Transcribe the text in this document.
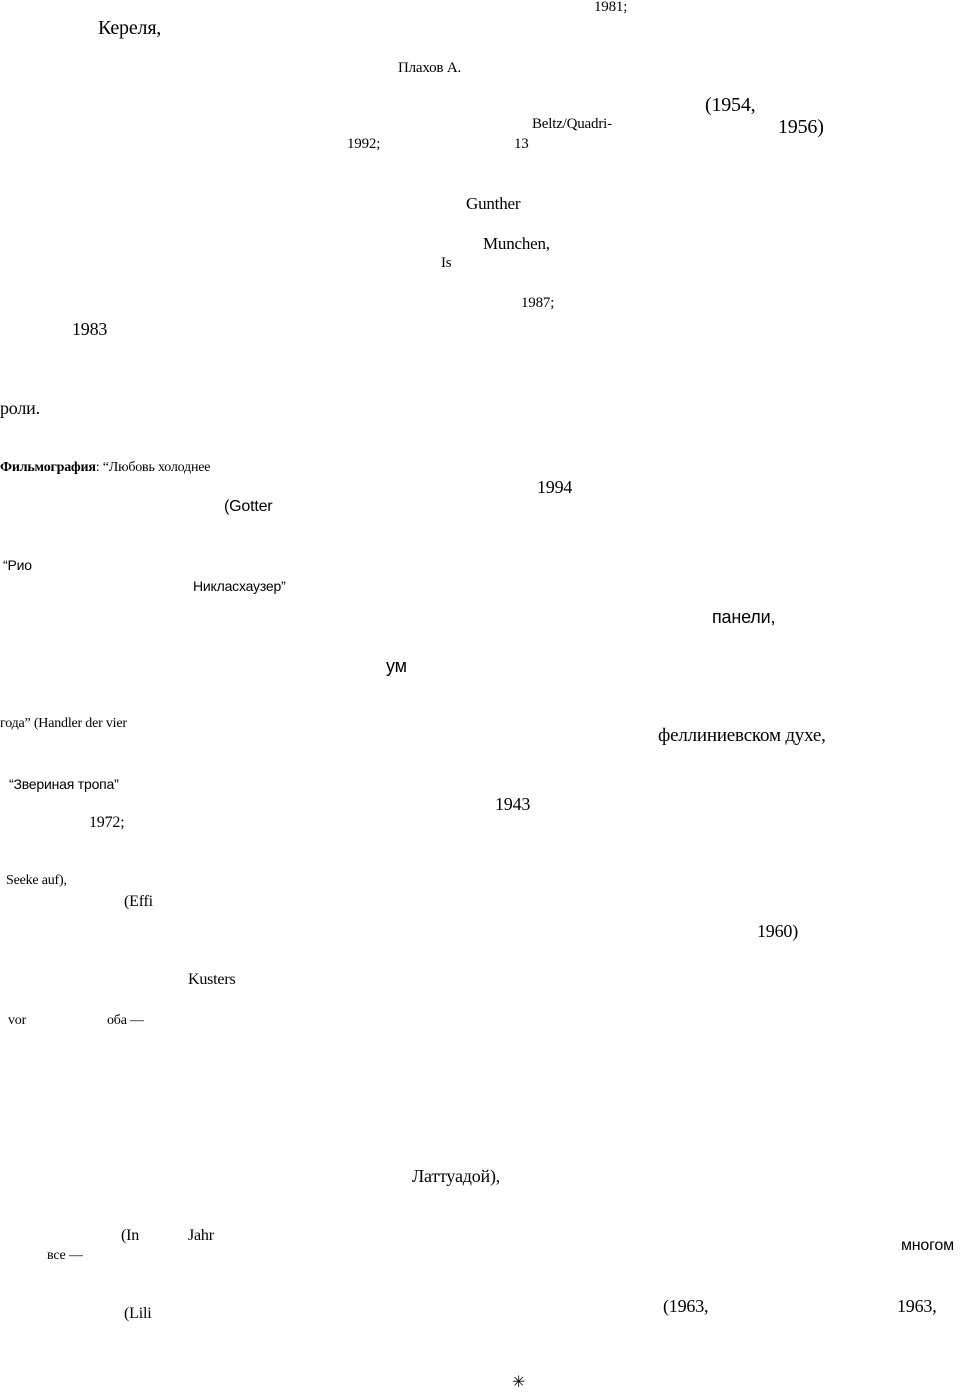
1981;
Кереля,
Плахов А.
(1954,
Beltz/Quadri-	1956)
1992;	13
Gunther
Munchen,
Is
1987;
1983
роли.
Фильмография: “Любовь холоднее
1994
(Gotter
“Рио
Никласхаузер”
панели,
ум
года” (Handler der vier
феллиниевском духе,
“Звериная тропа”
1943
1972;
Seeke auf),
(Effi
1960)
Kusters
vor	оба —
Латтуадой),
(In	Jahr
все —
многом
(1963,	1963,
(Lili
✳
